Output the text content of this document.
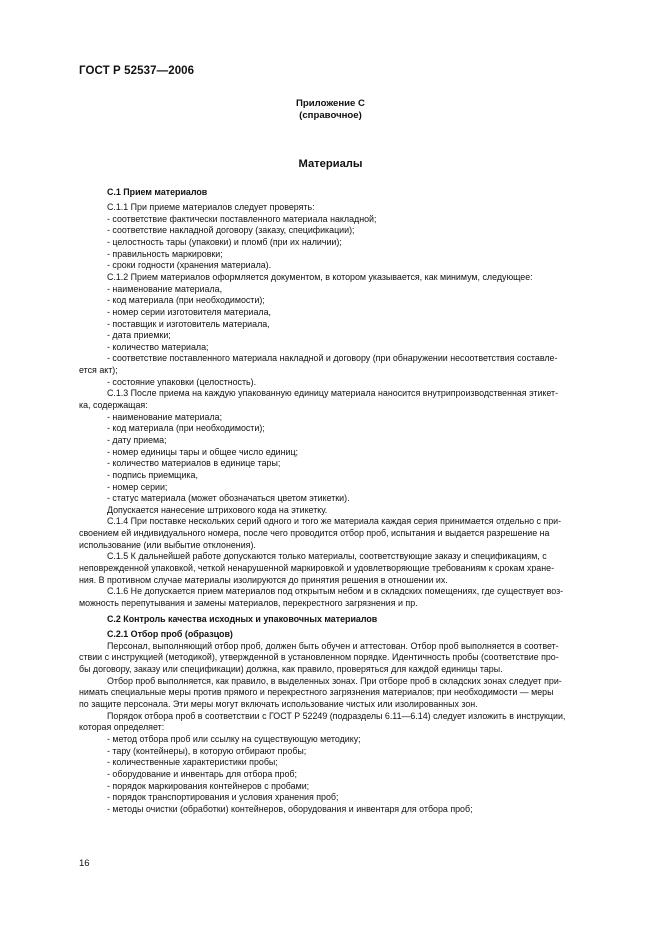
ГОСТ Р 52537—2006
Приложение С
(справочное)
Материалы
С.1 Прием материалов
С.1.1 При приеме материалов следует проверять:
- соответствие фактически поставленного материала накладной;
- соответствие накладной договору (заказу, спецификации);
- целостность тары (упаковки) и пломб (при их наличии);
- правильность маркировки;
- сроки годности (хранения материала).
С.1.2 Прием материалов оформляется документом, в котором указывается, как минимум, следующее:
- наименование материала,
- код материала (при необходимости);
- номер серии изготовителя материала,
- поставщик и изготовитель материала,
- дата приемки;
- количество материала;
- соответствие поставленного материала накладной и договору (при обнаружении несоответствия составле-
ется акт);
- состояние упаковки (целостность).
С.1.3 После приема на каждую упакованную единицу материала наносится внутрипроизводственная этикет-
ка, содержащая:
- наименование материала;
- код материала (при необходимости);
- дату приема;
- номер единицы тары и общее число единиц;
- количество материалов в единице тары;
- подпись приемщика,
- номер серии;
- статус материала (может обозначаться цветом этикетки).
Допускается нанесение штрихового кода на этикетку.
С.1.4 При поставке нескольких серий одного и того же материала каждая серия принимается отдельно с при-
своением ей индивидуального номера, после чего проводится отбор проб, испытания и выдается разрешение на
использование (или выбытие отклонения).
С.1.5 К дальнейшей работе допускаются только материалы, соответствующие заказу и спецификациям, с
неповрежденной упаковкой, четкой ненарушенной маркировкой и удовлетворяющие требованиям к срокам хране-
ния. В противном случае материалы изолируются до принятия решения в отношении их.
С.1.6 Не допускается прием материалов под открытым небом и в складских помещениях, где существует воз-
можность перепутывания и замены материалов, перекрестного загрязнения и пр.
С.2 Контроль качества исходных и упаковочных материалов
С.2.1 Отбор проб (образцов)
Персонал, выполняющий отбор проб, должен быть обучен и аттестован. Отбор проб выполняется в соответ-
ствии с инструкцией (методикой), утвержденной в установленном порядке. Идентичность пробы (соответствие про-
бы договору, заказу или спецификации) должна, как правило, проверяться для каждой единицы тары.
Отбор проб выполняется, как правило, в выделенных зонах. При отборе проб в складских зонах следует при-
нимать специальные меры против прямого и перекрестного загрязнения материалов; при необходимости — меры
по защите персонала. Эти меры могут включать использование чистых или изолированных зон.
Порядок отбора проб в соответствии с ГОСТ Р 52249 (подразделы 6.11—6.14) следует изложить в инструкции,
которая определяет:
- метод отбора проб или ссылку на существующую методику;
- тару (контейнеры), в которую отбирают пробы;
- количественные характеристики пробы;
- оборудование и инвентарь для отбора проб;
- порядок маркирования контейнеров с пробами;
- порядок транспортирования и условия хранения проб;
- методы очистки (обработки) контейнеров, оборудования и инвентаря для отбора проб;
16
